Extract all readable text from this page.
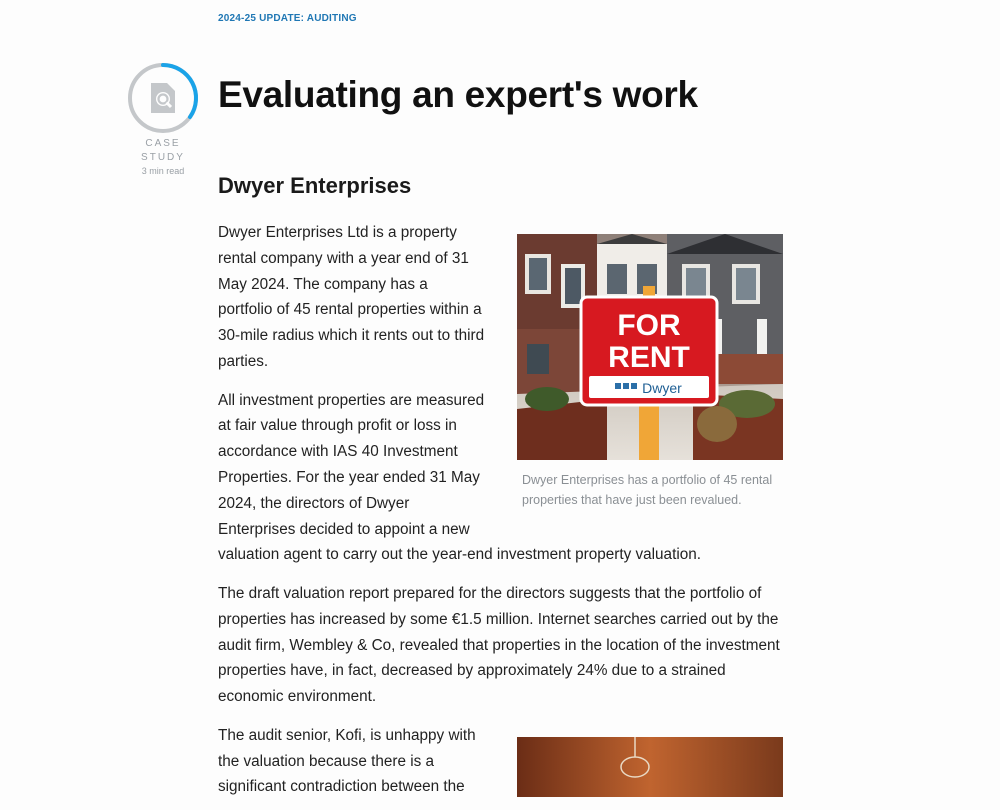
2024-25 UPDATE: AUDITING
CASE
STUDY
3 min read
Evaluating an expert's work
Dwyer Enterprises
FOR
RENT
Dwyer
Dwyer Enterprises has a portfolio of 45 rental properties that have just been revalued.

Dwyer Enterprises Ltd is a property rental company with a year end of 31 May 2024. The company has a portfolio of 45 rental properties within a 30-mile radius which it rents out to third parties.

All investment properties are measured at fair value through profit or loss in accordance with IAS 40 Investment Properties. For the year ended 31 May 2024, the directors of Dwyer Enterprises decided to appoint a new valuation agent to carry out the year-end investment property valuation.

The draft valuation report prepared for the directors suggests that the portfolio of properties has increased by some €1.5 million. Internet searches carried out by the audit firm, Wembley & Co, revealed that properties in the location of the investment properties have, in fact, decreased by approximately 24% due to a strained economic environment.

The audit senior, Kofi, is unhappy with the valuation because there is a significant contradiction between the
